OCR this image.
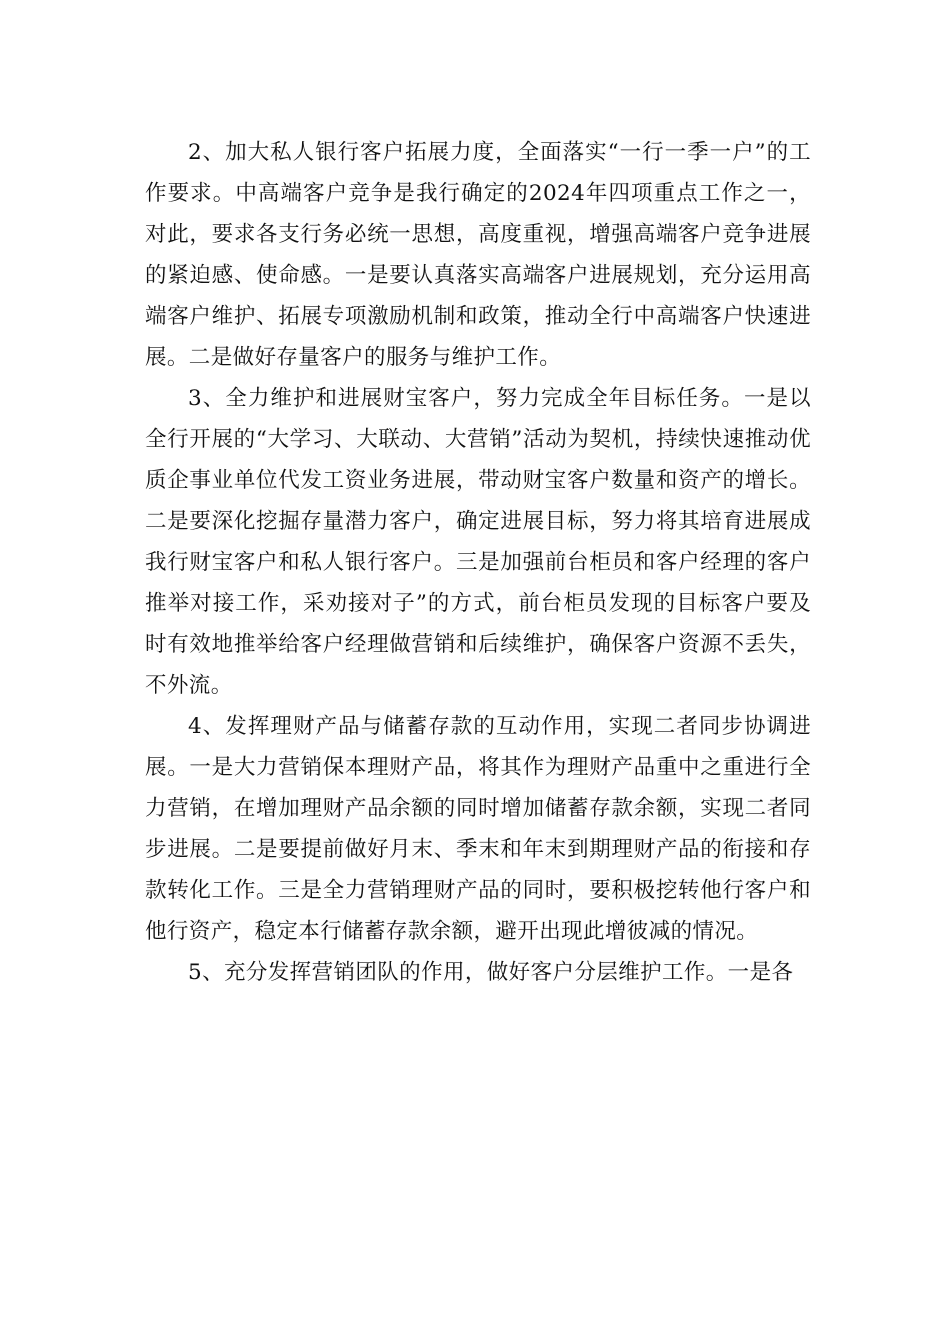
2、加大私人银行客户拓展力度，全面落实“一行一季一户”的工作要求。中高端客户竞争是我行确定的2024年四项重点工作之一，对此，要求各支行务必统一思想，高度重视，增强高端客户竞争进展的紧迫感、使命感。一是要认真落实高端客户进展规划，充分运用高端客户维护、拓展专项激励机制和政策，推动全行中高端客户快速进展。二是做好存量客户的服务与维护工作。

3、全力维护和进展财宝客户，努力完成全年目标任务。一是以全行开展的“大学习、大联动、大营销”活动为契机，持续快速推动优质企事业单位代发工资业务进展，带动财宝客户数量和资产的增长。二是要深化挖掘存量潜力客户，确定进展目标，努力将其培育进展成我行财宝客户和私人银行客户。三是加强前台柜员和客户经理的客户推举对接工作，采劝接对子”的方式，前台柜员发现的目标客户要及时有效地推举给客户经理做营销和后续维护，确保客户资源不丢失，不外流。

4、发挥理财产品与储蓄存款的互动作用，实现二者同步协调进展。一是大力营销保本理财产品，将其作为理财产品重中之重进行全力营销，在增加理财产品余额的同时增加储蓄存款余额，实现二者同步进展。二是要提前做好月末、季末和年末到期理财产品的衔接和存款转化工作。三是全力营销理财产品的同时，要积极挖转他行客户和他行资产，稳定本行储蓄存款余额，避开出现此增彼减的情况。

5、充分发挥营销团队的作用，做好客户分层维护工作。一是各
